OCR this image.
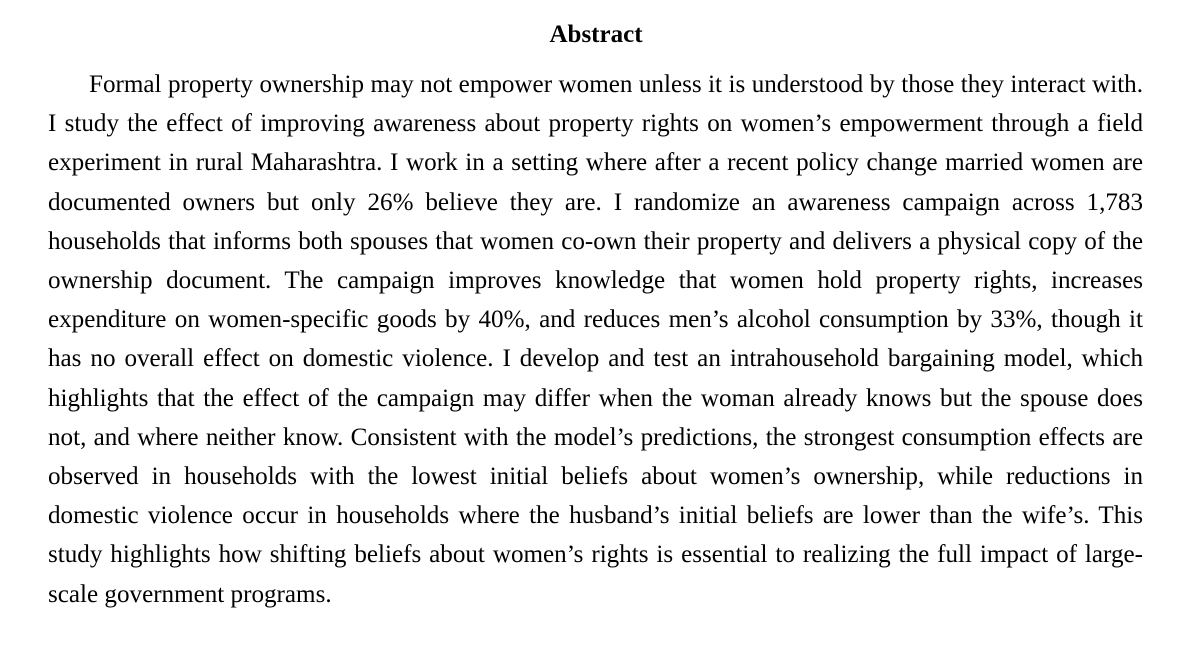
Abstract

Formal property ownership may not empower women unless it is understood by those they interact with. I study the effect of improving awareness about property rights on women’s empowerment through a field experiment in rural Maharashtra. I work in a setting where after a recent policy change married women are documented owners but only 26% believe they are. I randomize an awareness campaign across 1,783 households that informs both spouses that women co-own their property and delivers a physical copy of the ownership document. The campaign improves knowledge that women hold property rights, increases expenditure on women-specific goods by 40%, and reduces men’s alcohol consumption by 33%, though it has no overall effect on domestic violence. I develop and test an intrahousehold bargaining model, which highlights that the effect of the campaign may differ when the woman already knows but the spouse does not, and where neither know. Consistent with the model’s predictions, the strongest consumption effects are observed in households with the lowest initial beliefs about women’s ownership, while reductions in domestic violence occur in households where the husband’s initial beliefs are lower than the wife’s. This study highlights how shifting beliefs about women’s rights is essential to realizing the full impact of large-scale government programs.
